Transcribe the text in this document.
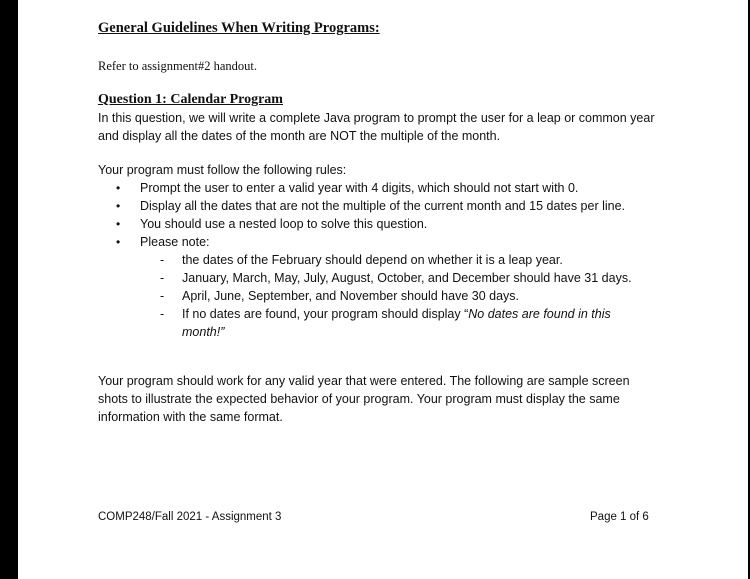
General Guidelines When Writing Programs:
Refer to assignment#2 handout.
Question 1: Calendar Program
In this question, we will write a complete Java program to prompt the user for a leap or common year and display all the dates of the month are NOT the multiple of the month.
Your program must follow the following rules:
• Prompt the user to enter a valid year with 4 digits, which should not start with 0.
• Display all the dates that are not the multiple of the current month and 15 dates per line.
• You should use a nested loop to solve this question.
• Please note:
- the dates of the February should depend on whether it is a leap year.
- January, March, May, July, August, October, and December should have 31 days.
- April, June, September, and November should have 30 days.
- If no dates are found, your program should display “No dates are found in this month!”
Your program should work for any valid year that were entered. The following are sample screen shots to illustrate the expected behavior of your program. Your program must display the same information with the same format.
COMP248/Fall 2021 - Assignment 3	Page 1 of 6
